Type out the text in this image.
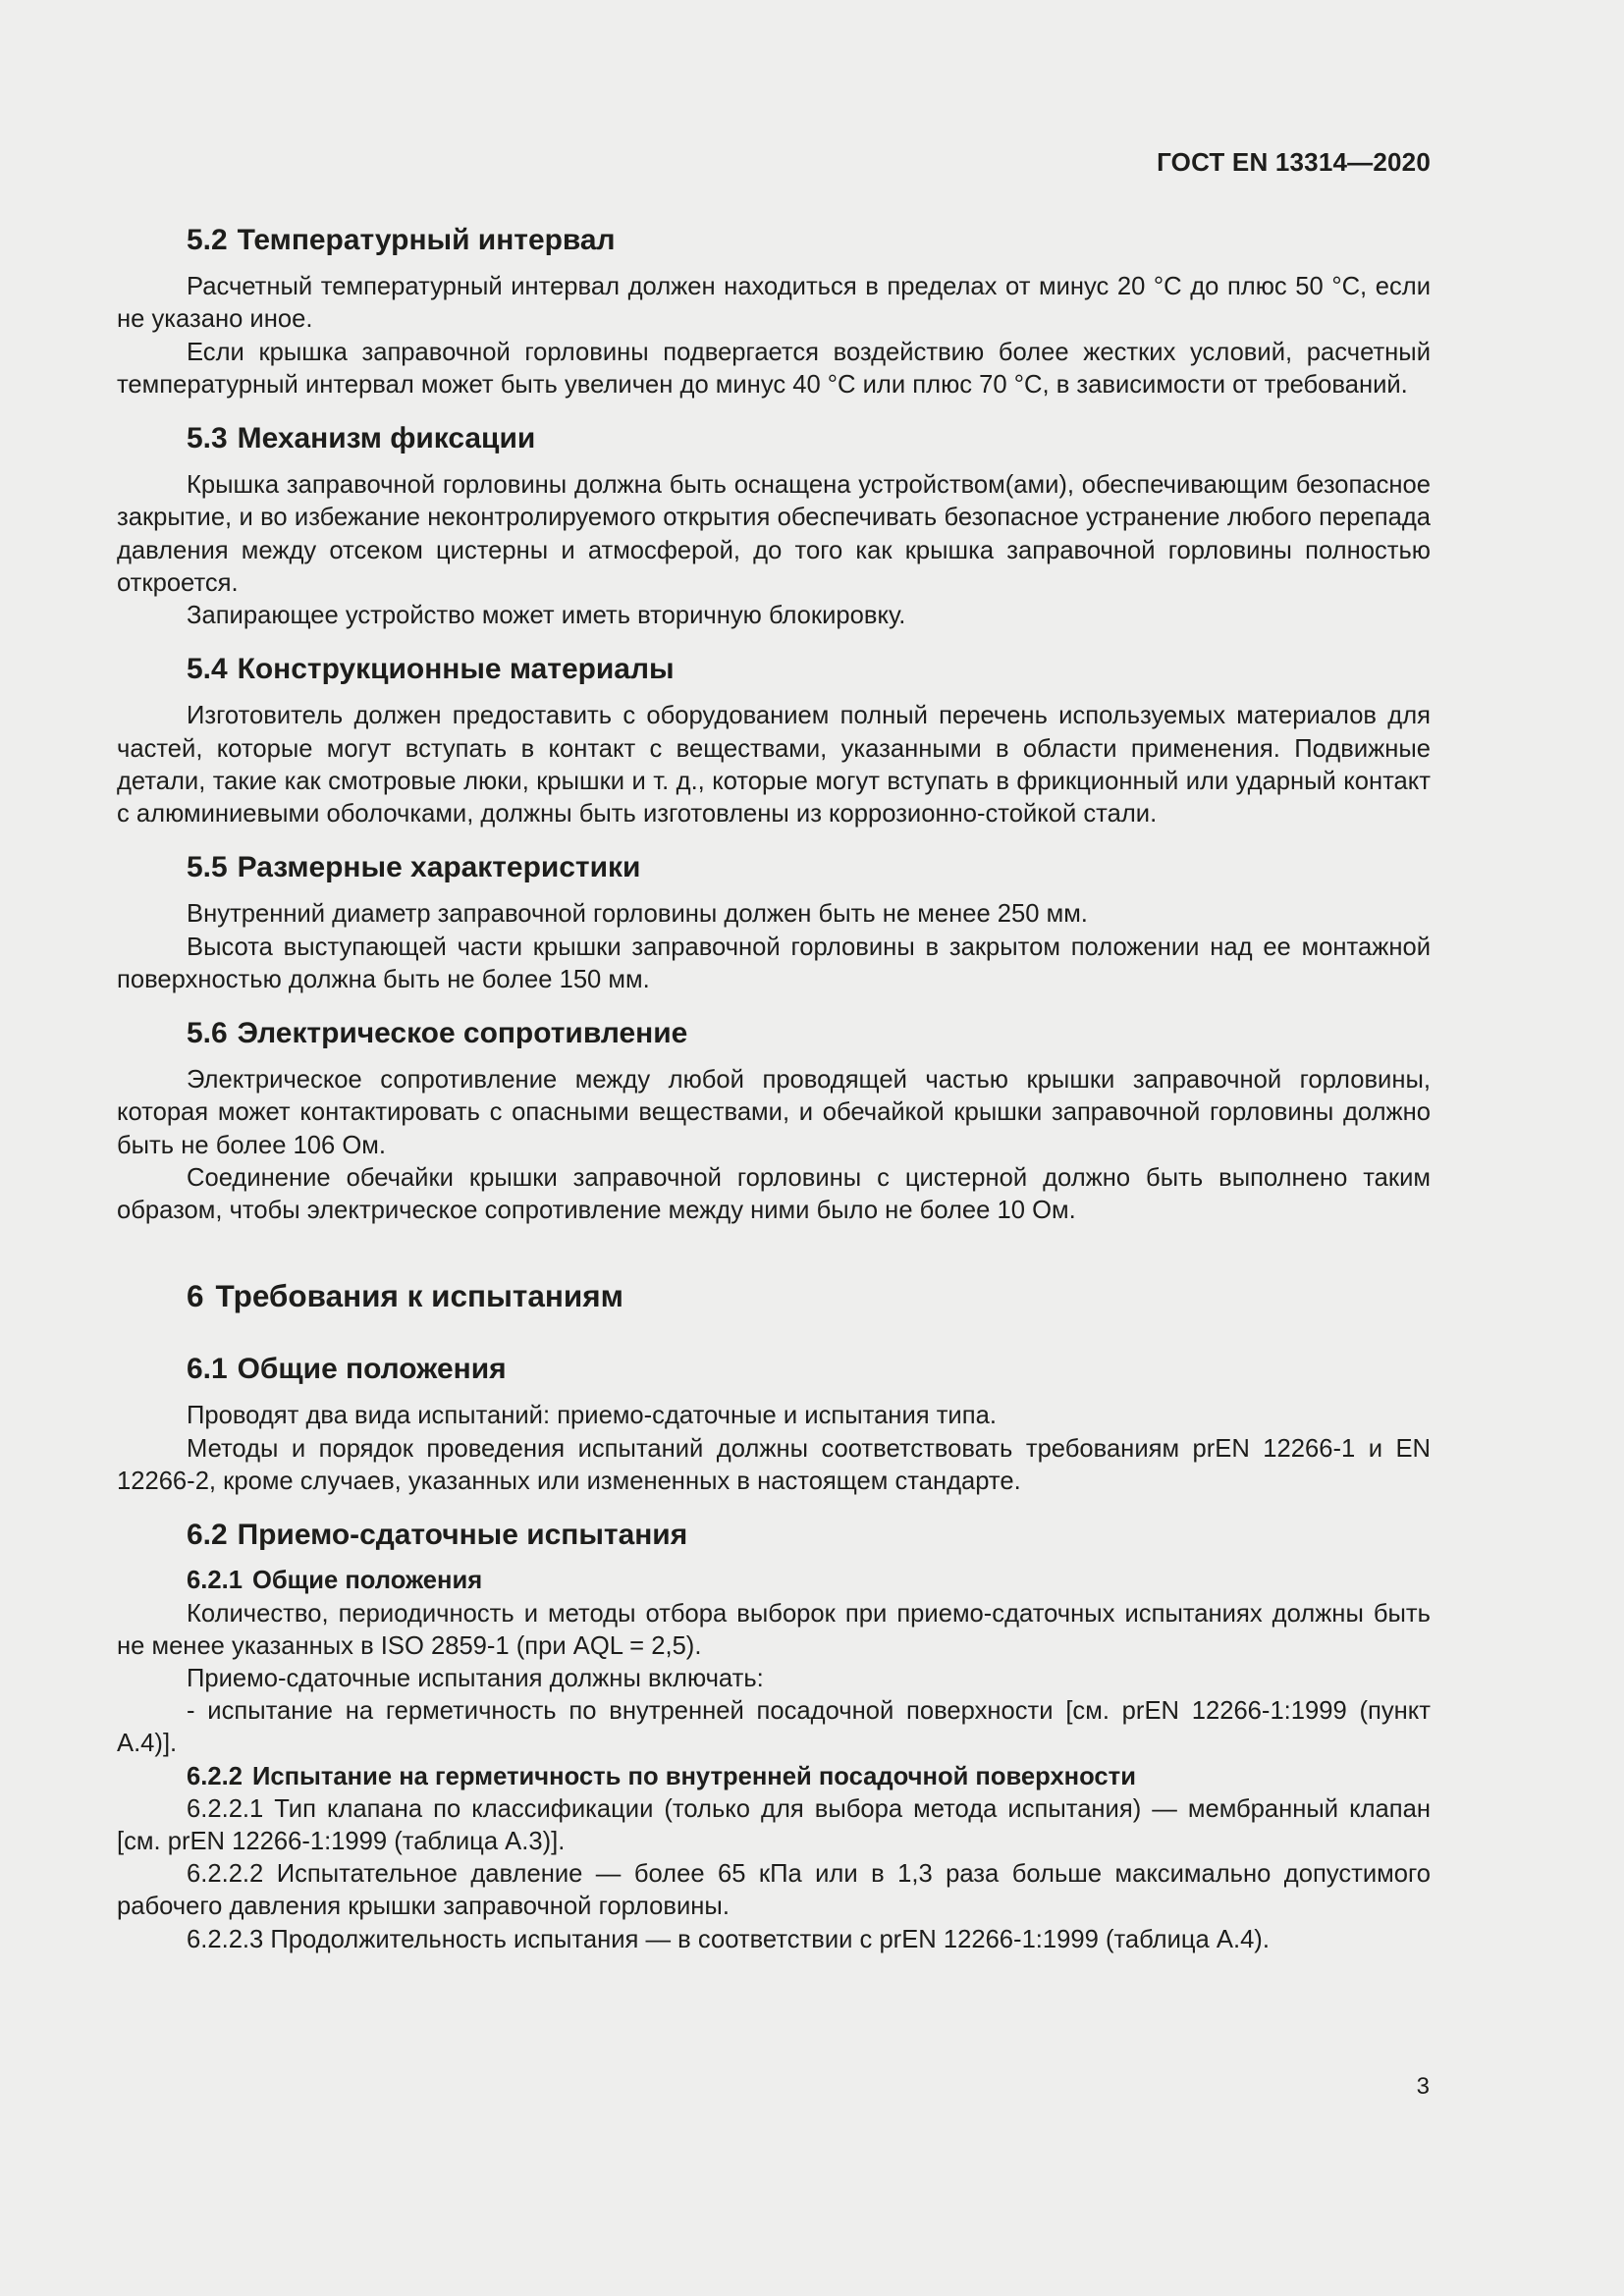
ГОСТ EN 13314—2020
5.2 Температурный интервал

Расчетный температурный интервал должен находиться в пределах от минус 20 °С до плюс 50 °С, если не указано иное.

Если крышка заправочной горловины подвергается воздействию более жестких условий, расчетный температурный интервал может быть увеличен до минус 40 °С или плюс 70 °С, в зависимости от требований.

5.3 Механизм фиксации

Крышка заправочной горловины должна быть оснащена устройством(ами), обеспечивающим безопасное закрытие, и во избежание неконтролируемого открытия обеспечивать безопасное устранение любого перепада давления между отсеком цистерны и атмосферой, до того как крышка заправочной горловины полностью откроется.

Запирающее устройство может иметь вторичную блокировку.

5.4 Конструкционные материалы

Изготовитель должен предоставить с оборудованием полный перечень используемых материалов для частей, которые могут вступать в контакт с веществами, указанными в области применения. Подвижные детали, такие как смотровые люки, крышки и т. д., которые могут вступать в фрикционный или ударный контакт с алюминиевыми оболочками, должны быть изготовлены из коррозионно-стойкой стали.

5.5 Размерные характеристики

Внутренний диаметр заправочной горловины должен быть не менее 250 мм.

Высота выступающей части крышки заправочной горловины в закрытом положении над ее монтажной поверхностью должна быть не более 150 мм.

5.6 Электрическое сопротивление

Электрическое сопротивление между любой проводящей частью крышки заправочной горловины, которая может контактировать с опасными веществами, и обечайкой крышки заправочной горловины должно быть не более 106 Ом.

Соединение обечайки крышки заправочной горловины с цистерной должно быть выполнено таким образом, чтобы электрическое сопротивление между ними было не более 10 Ом.

6 Требования к испытаниям
6.1 Общие положения

Проводят два вида испытаний: приемо-сдаточные и испытания типа.

Методы и порядок проведения испытаний должны соответствовать требованиям prEN 12266-1 и EN 12266-2, кроме случаев, указанных или измененных в настоящем стандарте.

6.2 Приемо-сдаточные испытания
6.2.1 Общие положения

Количество, периодичность и методы отбора выборок при приемо-сдаточных испытаниях должны быть не менее указанных в ISO 2859-1 (при AQL = 2,5).

Приемо-сдаточные испытания должны включать:

- испытание на герметичность по внутренней посадочной поверхности [см. prEN 12266-1:1999 (пункт А.4)].

6.2.2 Испытание на герметичность по внутренней посадочной поверхности

6.2.2.1 Тип клапана по классификации (только для выбора метода испытания) — мембранный клапан [см. prEN 12266-1:1999 (таблица А.3)].

6.2.2.2 Испытательное давление — более 65 кПа или в 1,3 раза больше максимально допустимого рабочего давления крышки заправочной горловины.

6.2.2.3 Продолжительность испытания — в соответствии с prEN 12266-1:1999 (таблица А.4).

3
